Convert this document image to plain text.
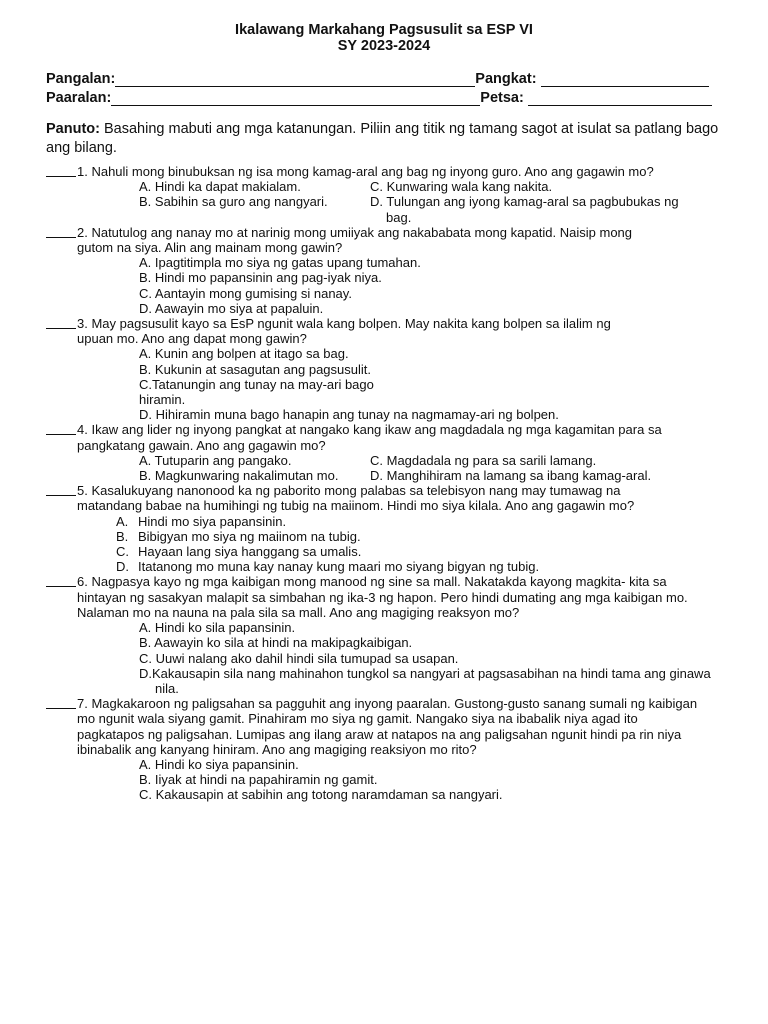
Ikalawang Markahang Pagsusulit sa ESP VI
SY 2023-2024
Pangalan:	Pangkat:
Paaralan:	Petsa:
Panuto: Basahing mabuti ang mga katanungan. Piliin ang titik ng tamang sagot at isulat sa patlang bago ang bilang.
1. Nahuli mong binubuksan ng isa mong kamag-aral ang bag ng inyong guro. Ano ang gagawin mo?
A. Hindi ka dapat makialam.	C. Kunwaring wala kang nakita.
B. Sabihin sa guro ang nangyari.	D. Tulungan ang iyong kamag-aral sa pagbubukas ng bag.
2. Natutulog ang nanay mo at narinig mong umiiyak ang nakababata mong kapatid. Naisip mong gutom na siya. Alin ang mainam mong gawin?
A. Ipagtitimpla mo siya ng gatas upang tumahan.
B. Hindi mo papansinin ang pag-iyak niya.
C. Aantayin mong gumising si nanay.
D. Aawayin mo siya at papaluin.
3. May pagsusulit kayo sa EsP ngunit wala kang bolpen. May nakita kang bolpen sa ilalim ng upuan mo. Ano ang dapat mong gawin?
A. Kunin ang bolpen at itago sa bag.
B. Kukunin at sasagutan ang pagsusulit.
C.Tatanungin ang tunay na may-ari bago
hiramin.
D. Hihiramin muna bago hanapin ang tunay na nagmamay-ari ng bolpen.
4. Ikaw ang lider ng inyong pangkat at nangako kang ikaw ang magdadala ng mga kagamitan para sa pangkatang gawain. Ano ang gagawin mo?
A. Tutuparin ang pangako.	C. Magdadala ng para sa sarili lamang.
B. Magkunwaring nakalimutan mo.	D. Manghihiram na lamang sa ibang kamag-aral.
5. Kasalukuyang nanonood ka ng paborito mong palabas sa telebisyon nang may tumawag na matandang babae na humihingi ng tubig na maiinom. Hindi mo siya kilala. Ano ang gagawin mo?
A. Hindi mo siya papansinin.
B. Bibigyan mo siya ng maiinom na tubig.
C. Hayaan lang siya hanggang sa umalis.
D. Itatanong mo muna kay nanay kung maari mo siyang bigyan ng tubig.
6. Nagpasya kayo ng mga kaibigan mong manood ng sine sa mall. Nakatakda kayong magkita- kita sa hintayan ng sasakyan malapit sa simbahan ng ika-3 ng hapon. Pero hindi dumating ang mga kaibigan mo. Nalaman mo na nauna na pala sila sa mall. Ano ang magiging reaksyon mo?
A. Hindi ko sila papansinin.
B. Aawayin ko sila at hindi na makipagkaibigan.
C. Uuwi nalang ako dahil hindi sila tumupad sa usapan.
D.Kakausapin sila nang mahinahon tungkol sa nangyari at pagsasabihan na hindi tama ang ginawa nila.
7. Magkakaroon ng paligsahan sa pagguhit ang inyong paaralan. Gustong-gusto sanang sumali ng kaibigan mo ngunit wala siyang gamit. Pinahiram mo siya ng gamit. Nangako siya na ibabalik niya agad ito pagkatapos ng paligsahan. Lumipas ang ilang araw at natapos na ang paligsahan ngunit hindi pa rin niya ibinabalik ang kanyang hiniram. Ano ang magiging reaksiyon mo rito?
A. Hindi ko siya papansinin.
B. Iiyak at hindi na papahiramin ng gamit.
C. Kakausapin at sabihin ang totong naramdaman sa nangyari.
